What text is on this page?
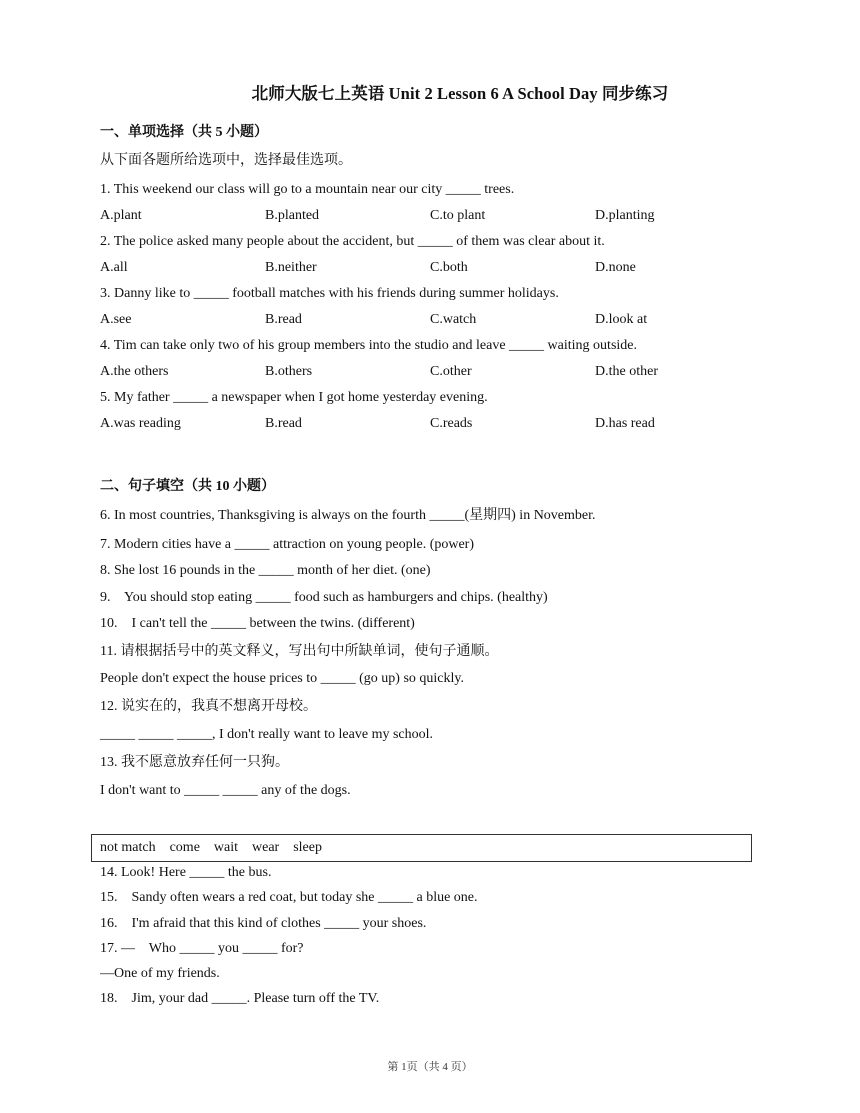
北师大版七上英语 Unit 2 Lesson 6 A School Day 同步练习
一、单项选择（共 5 小题）
从下面各题所给选项中，选择最佳选项。
1. This weekend our class will go to a mountain near our city _____ trees.
A.plant	B.planted	C.to plant	D.planting
2. The police asked many people about the accident, but _____ of them was clear about it.
A.all	B.neither	C.both	D.none
3. Danny like to _____ football matches with his friends during summer holidays.
A.see	B.read	C.watch	D.look at
4. Tim can take only two of his group members into the studio and leave _____ waiting outside.
A.the others	B.others	C.other	D.the other
5. My father _____ a newspaper when I got home yesterday evening.
A.was reading	B.read	C.reads	D.has read
二、句子填空（共 10 小题）
6. In most countries, Thanksgiving is always on the fourth _____(星期四) in November.
7. Modern cities have a _____ attraction on young people. (power)
8. She lost 16 pounds in the _____ month of her diet. (one)
9.    You should stop eating _____ food such as hamburgers and chips. (healthy)
10.    I can't tell the _____ between the twins. (different)
11. 请根据括号中的英文释义，写出句中所缺单词，使句子通顺。
People don't expect the house prices to _____ (go up) so quickly.
12. 说实在的，我真不想离开母校。
_____ _____ _____, I don't really want to leave my school.
13. 我不愿意放弃任何一只狗。
I don't want to _____ _____ any of the dogs.
not match    come    wait    wear    sleep
14. Look! Here _____ the bus.
15.    Sandy often wears a red coat, but today she _____ a blue one.
16.    I'm afraid that this kind of clothes _____ your shoes.
17. —    Who _____ you _____ for?
—One of my friends.
18.    Jim, your dad _____. Please turn off the TV.
第 1页（共 4 页）
